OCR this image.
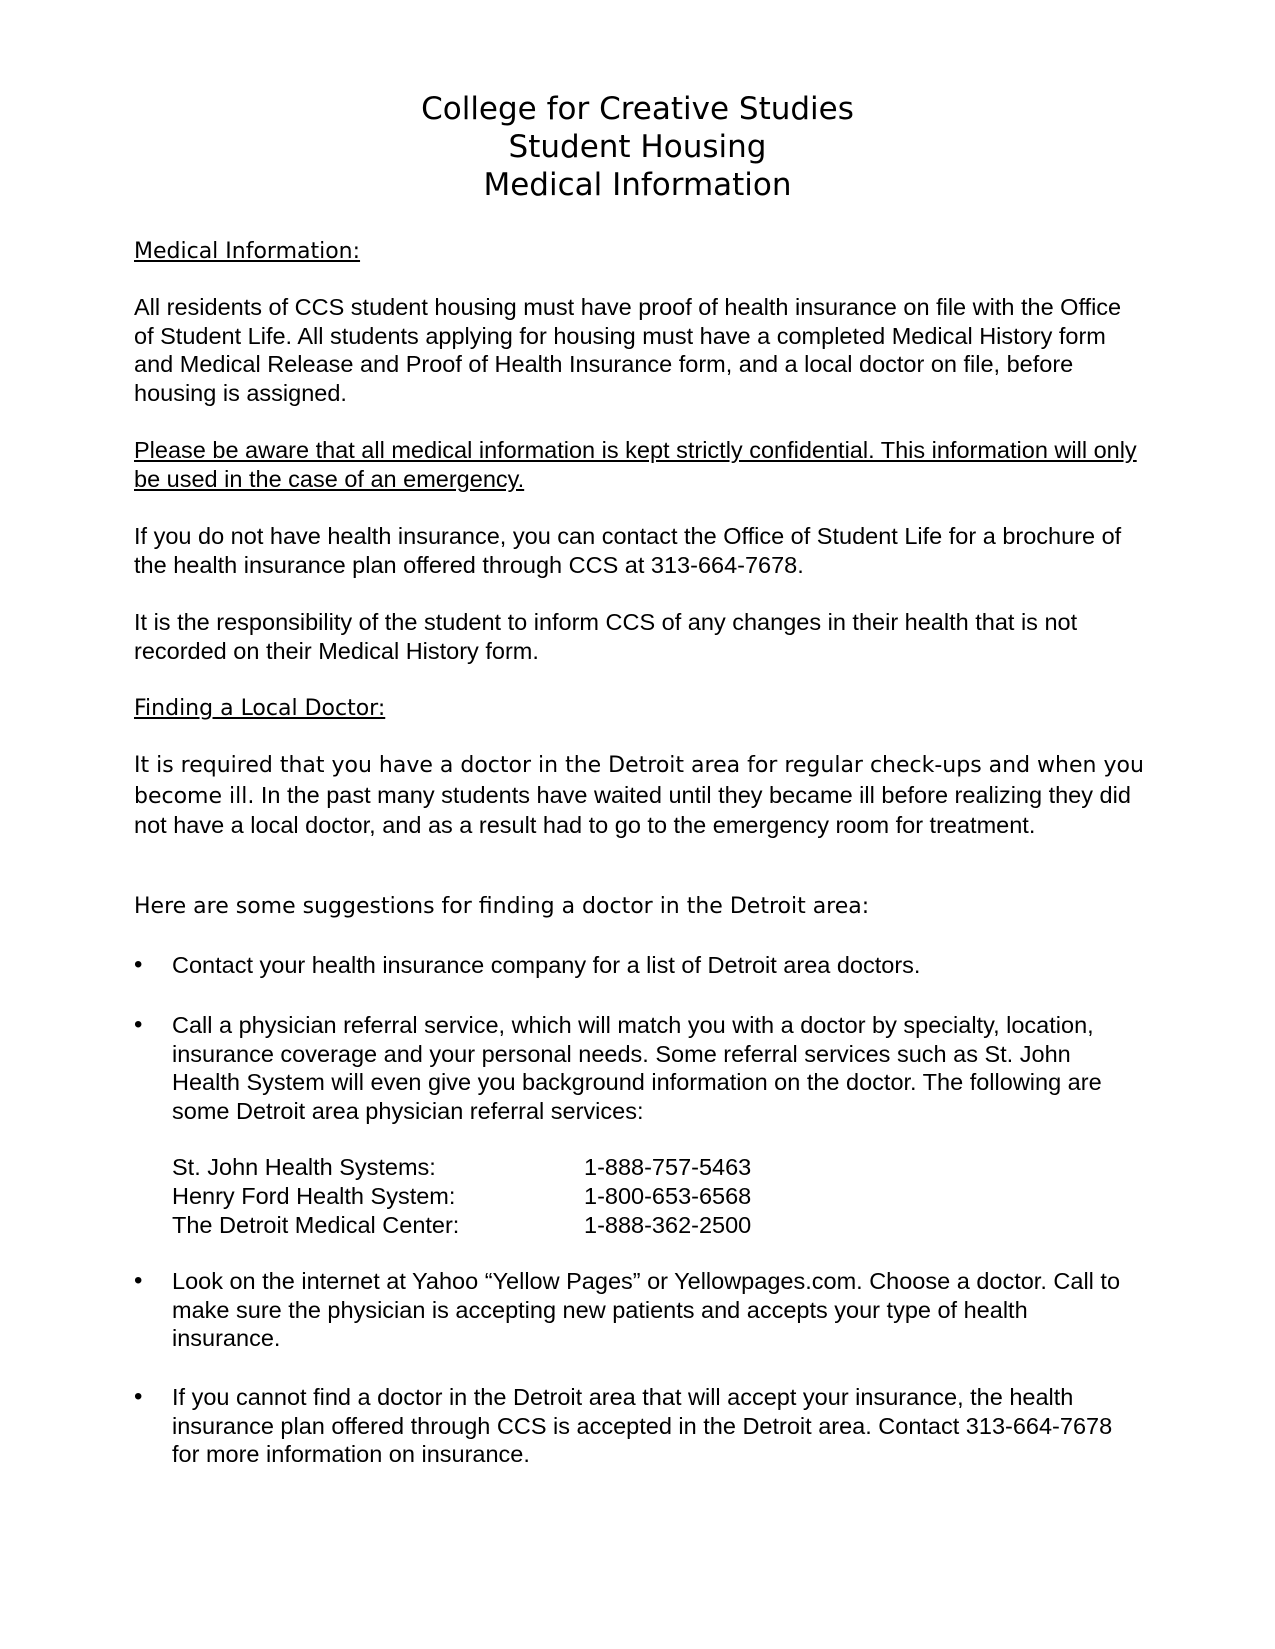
College for Creative Studies
Student Housing
Medical Information
Medical Information:
All residents of CCS student housing must have proof of health insurance on file with the Office of Student Life. All students applying for housing must have a completed Medical History form and Medical Release and Proof of Health Insurance form, and a local doctor on file, before housing is assigned.
Please be aware that all medical information is kept strictly confidential. This information will only be used in the case of an emergency.
If you do not have health insurance, you can contact the Office of Student Life for a brochure of the health insurance plan offered through CCS at 313-664-7678.
It is the responsibility of the student to inform CCS of any changes in their health that is not recorded on their Medical History form.
Finding a Local Doctor:
It is required that you have a doctor in the Detroit area for regular check-ups and when you become ill. In the past many students have waited until they became ill before realizing they did not have a local doctor, and as a result had to go to the emergency room for treatment.
Here are some suggestions for finding a doctor in the Detroit area:
• Contact your health insurance company for a list of Detroit area doctors.
• Call a physician referral service, which will match you with a doctor by specialty, location, insurance coverage and your personal needs. Some referral services such as St. John Health System will even give you background information on the doctor. The following are some Detroit area physician referral services:
St. John Health Systems:	1-888-757-5463
Henry Ford Health System:	1-800-653-6568
The Detroit Medical Center:	1-888-362-2500
• Look on the internet at Yahoo “Yellow Pages” or Yellowpages.com. Choose a doctor. Call to make sure the physician is accepting new patients and accepts your type of health insurance.
• If you cannot find a doctor in the Detroit area that will accept your insurance, the health insurance plan offered through CCS is accepted in the Detroit area. Contact 313-664-7678 for more information on insurance.
